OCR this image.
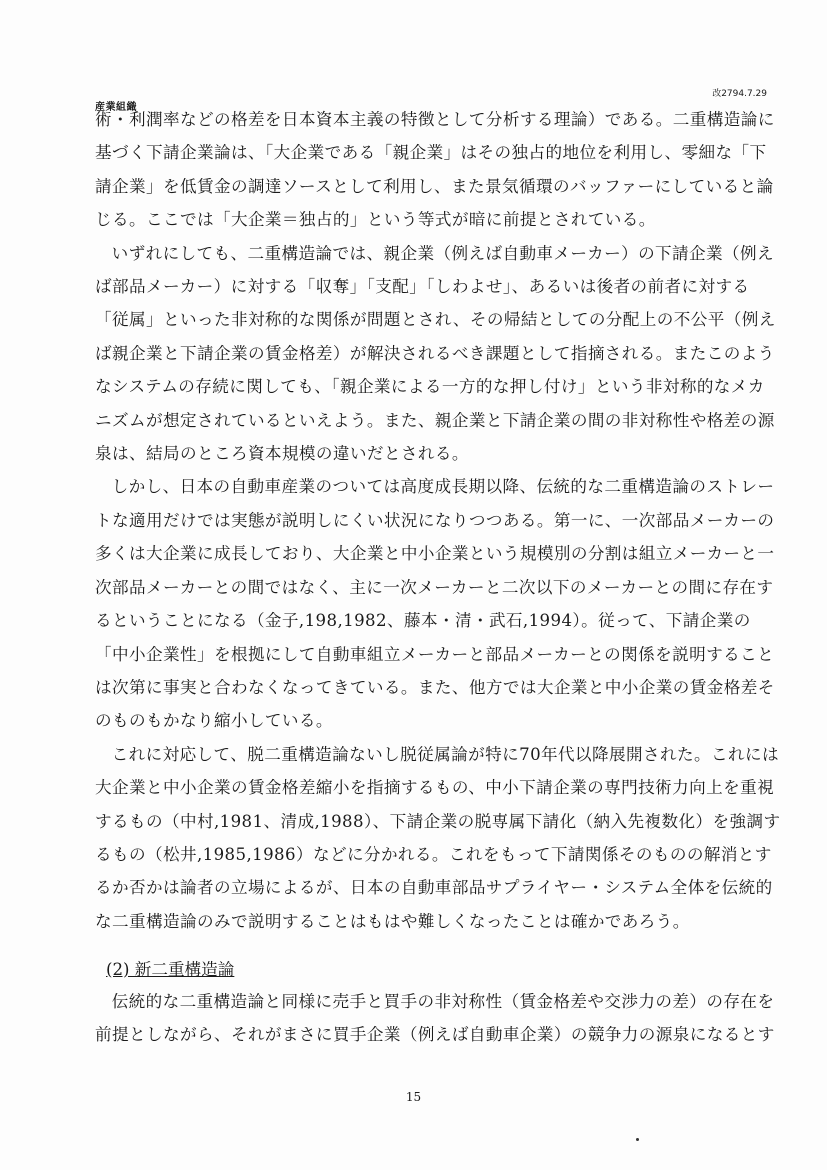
改2794.7.29
産業組織

術・利潤率などの格差を日本資本主義の特徴として分析する理論）である。二重構造論に基づく下請企業論は、「大企業である「親企業」はその独占的地位を利用し、零細な「下請企業」を低賃金の調達ソースとして利用し、また景気循環のバッファーにしていると論じる。ここでは「大企業＝独占的」という等式が暗に前提とされている。

いずれにしても、二重構造論では、親企業（例えば自動車メーカー）の下請企業（例えば部品メーカー）に対する「収奪」「支配」「しわよせ」、あるいは後者の前者に対する「従属」といった非対称的な関係が問題とされ、その帰結としての分配上の不公平（例えば親企業と下請企業の賃金格差）が解決されるべき課題として指摘される。またこのようなシステムの存続に関しても、「親企業による一方的な押し付け」という非対称的なメカニズムが想定されているといえよう。また、親企業と下請企業の間の非対称性や格差の源泉は、結局のところ資本規模の違いだとされる。

しかし、日本の自動車産業のついては高度成長期以降、伝統的な二重構造論のストレートな適用だけでは実態が説明しにくい状況になりつつある。第一に、一次部品メーカーの多くは大企業に成長しており、大企業と中小企業という規模別の分割は組立メーカーと一次部品メーカーとの間ではなく、主に一次メーカーと二次以下のメーカーとの間に存在するということになる（金子,198,1982、藤本・清・武石,1994）。従って、下請企業の「中小企業性」を根拠にして自動車組立メーカーと部品メーカーとの関係を説明することは次第に事実と合わなくなってきている。また、他方では大企業と中小企業の賃金格差そのものもかなり縮小している。

これに対応して、脱二重構造論ないし脱従属論が特に70年代以降展開された。これには大企業と中小企業の賃金格差縮小を指摘するもの、中小下請企業の専門技術力向上を重視するもの（中村,1981、清成,1988）、下請企業の脱専属下請化（納入先複数化）を強調するもの（松井,1985,1986）などに分かれる。これをもって下請関係そのものの解消とするか否かは論者の立場によるが、日本の自動車部品サプライヤー・システム全体を伝統的な二重構造論のみで説明することはもはや難しくなったことは確かであろう。

(2) 新二重構造論

伝統的な二重構造論と同様に売手と買手の非対称性（賃金格差や交渉力の差）の存在を前提としながら、それがまさに買手企業（例えば自動車企業）の競争力の源泉になるとす

15
